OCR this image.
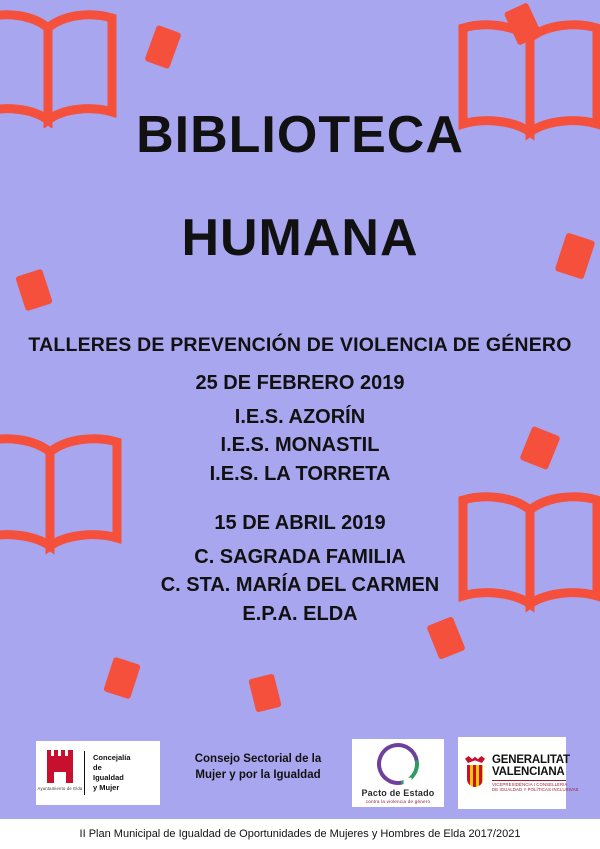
BIBLIOTECA
HUMANA
TALLERES DE PREVENCIÓN DE VIOLENCIA DE GÉNERO
25 DE FEBRERO 2019
I.E.S. AZORÍN
I.E.S. MONASTIL
I.E.S. LA TORRETA
15 DE ABRIL 2019
C. SAGRADA FAMILIA
C. STA. MARÍA DEL CARMEN
E.P.A. ELDA
Ayuntamiento de Elda
Concejalía
de
Igualdad
y Mujer
Consejo Sectorial de la
Mujer y por la Igualdad
Pacto de Estado
contra la violencia de género
GENERALITAT
VALENCIANA
VICEPRESIDÈNCIA I CONSELLERIA
DE IGUALDAD Y POLÍTICAS INCLUSIVAS
II Plan Municipal de Igualdad de Oportunidades de Mujeres y Hombres de Elda 2017/2021
